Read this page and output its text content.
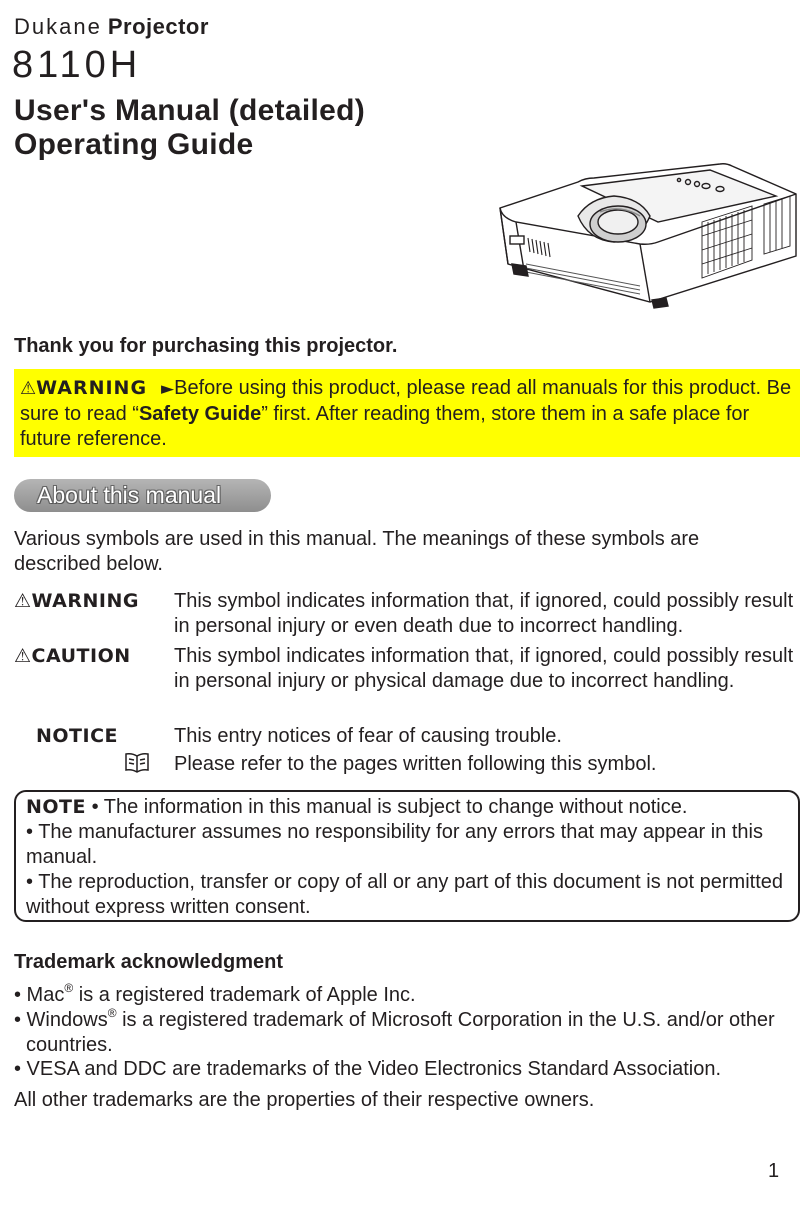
Dukane Projector
8110H
User's Manual (detailed)
Operating Guide
Thank you for purchasing this projector.
⚠WARNING ►Before using this product, please read all manuals for this product. Be sure to read “Safety Guide” first. After reading them, store them in a safe place for future reference.
About this manual
Various symbols are used in this manual. The meanings of these symbols are described below.
⚠WARNING This symbol indicates information that, if ignored, could possibly result in personal injury or even death due to incorrect handling.
⚠CAUTION This symbol indicates information that, if ignored, could possibly result in personal injury or physical damage due to incorrect handling.
NOTICE	This entry notices of fear of causing trouble.
Please refer to the pages written following this symbol.
NOTE • The information in this manual is subject to change without notice.
• The manufacturer assumes no responsibility for any errors that may appear in this manual.
• The reproduction, transfer or copy of all or any part of this document is not permitted without express written consent.
Trademark acknowledgment
• Mac® is a registered trademark of Apple Inc.
• Windows® is a registered trademark of Microsoft Corporation in the U.S. and/or other countries.
• VESA and DDC are trademarks of the Video Electronics Standard Association.
All other trademarks are the properties of their respective owners.
1
